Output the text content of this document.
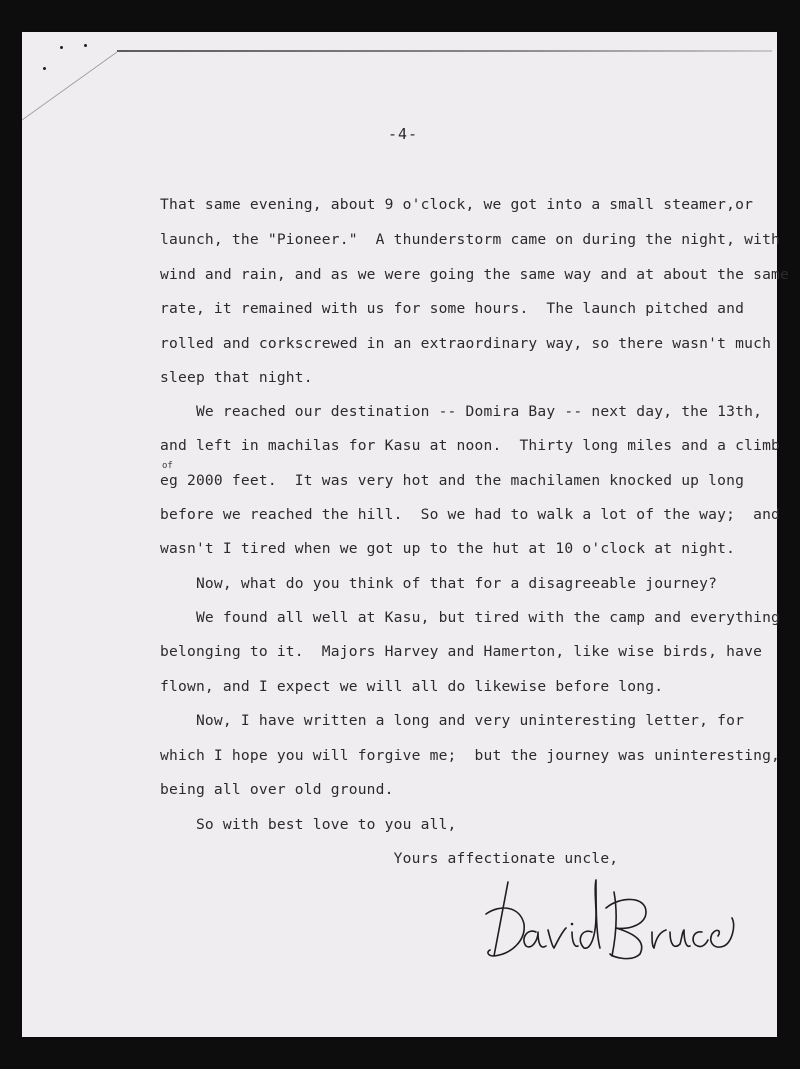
-4-
That same evening, about 9 o'clock, we got into a small steamer,or
launch, the "Pioneer."  A thunderstorm came on during the night, with
wind and rain, and as we were going the same way and at about the same
rate, it remained with us for some hours.  The launch pitched and
rolled and corkscrewed in an extraordinary way, so there wasn't much
sleep that night.
We reached our destination -- Domira Bay -- next day, the 13th,
and left in machilas for Kasu at noon.  Thirty long miles and a climb
of
eg 2000 feet.  It was very hot and the machilamen knocked up long
before we reached the hill.  So we had to walk a lot of the way;  and
wasn't I tired when we got up to the hut at 10 o'clock at night.
Now, what do you think of that for a disagreeable journey?
We found all well at Kasu, but tired with the camp and everything
belonging to it.  Majors Harvey and Hamerton, like wise birds, have
flown, and I expect we will all do likewise before long.
Now, I have written a long and very uninteresting letter, for
which I hope you will forgive me;  but the journey was uninteresting,
being all over old ground.
So with best love to you all,
Yours affectionate uncle,
